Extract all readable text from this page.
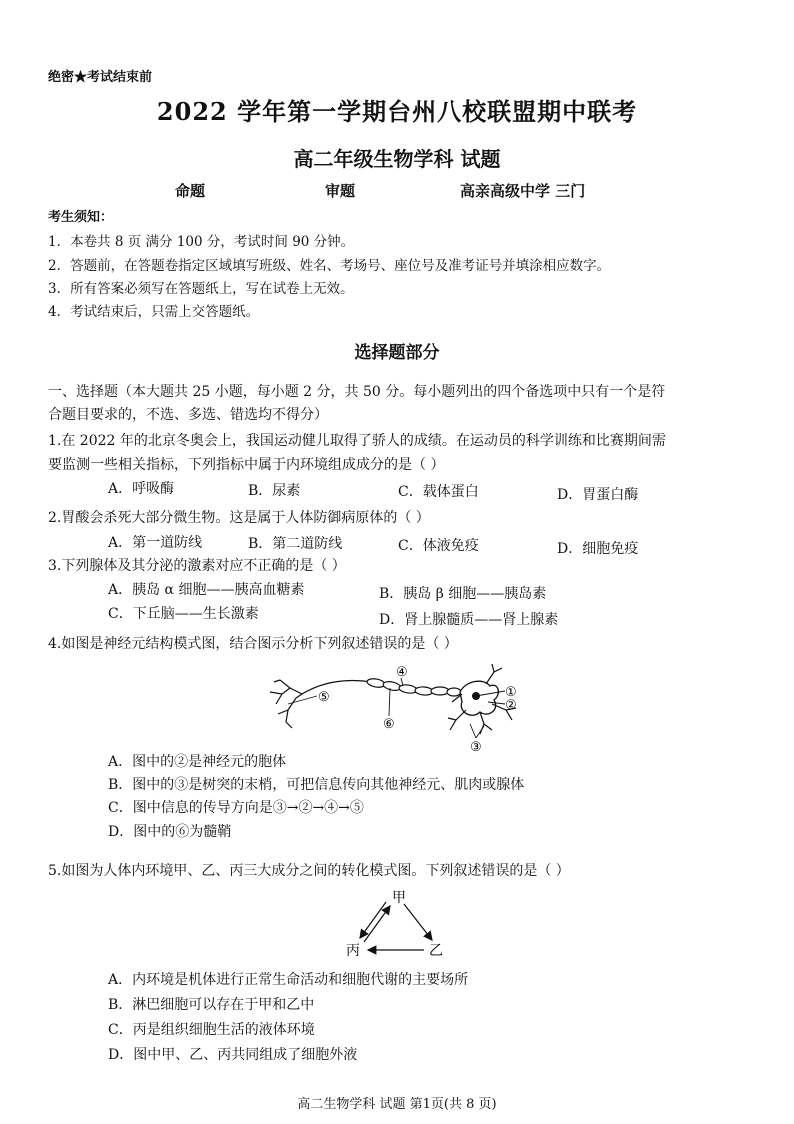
绝密★考试结束前
2022 学年第一学期台州八校联盟期中联考
高二年级生物学科 试题
命题	审题	高亲高级中学 三门
考生须知：
1．本卷共 8 页 满分 100 分，考试时间 90 分钟。
2．答题前，在答题卷指定区域填写班级、姓名、考场号、座位号及准考证号并填涂相应数字。
3．所有答案必须写在答题纸上，写在试卷上无效。
4．考试结束后，只需上交答题纸。
选择题部分
一、选择题（本大题共 25 小题，每小题 2 分，共 50 分。每小题列出的四个备选项中只有一个是符
合题目要求的，不选、多选、错选均不得分）
1.在 2022 年的北京冬奥会上，我国运动健儿取得了骄人的成绩。在运动员的科学训练和比赛期间需
要监测一些相关指标，下列指标中属于内环境组成成分的是（ ）
A．呼吸酶	B．尿素	C．载体蛋白	D．胃蛋白酶
2.胃酸会杀死大部分微生物。这是属于人体防御病原体的（ ）
A．第一道防线	B．第二道防线	C．体液免疫	D．细胞免疫
3.下列腺体及其分泌的激素对应不正确的是（ ）
A．胰岛 α 细胞——胰高血糖素	B．胰岛 β 细胞——胰岛素
C．下丘脑——生长激素	D．肾上腺髓质——肾上腺素
4.如图是神经元结构模式图，结合图示分析下列叙述错误的是（ ）
①
②
③
④
⑤
⑥
A．图中的②是神经元的胞体
B．图中的③是树突的末梢，可把信息传向其他神经元、肌肉或腺体
C．图中信息的传导方向是③→②→④→⑤
D．图中的⑥为髓鞘
5.如图为人体内环境甲、乙、丙三大成分之间的转化模式图。下列叙述错误的是（ ）
甲
丙	乙
A．内环境是机体进行正常生命活动和细胞代谢的主要场所
B．淋巴细胞可以存在于甲和乙中
C．丙是组织细胞生活的液体环境
D．图中甲、乙、丙共同组成了细胞外液
高二生物学科 试题 第1页(共 8 页)
